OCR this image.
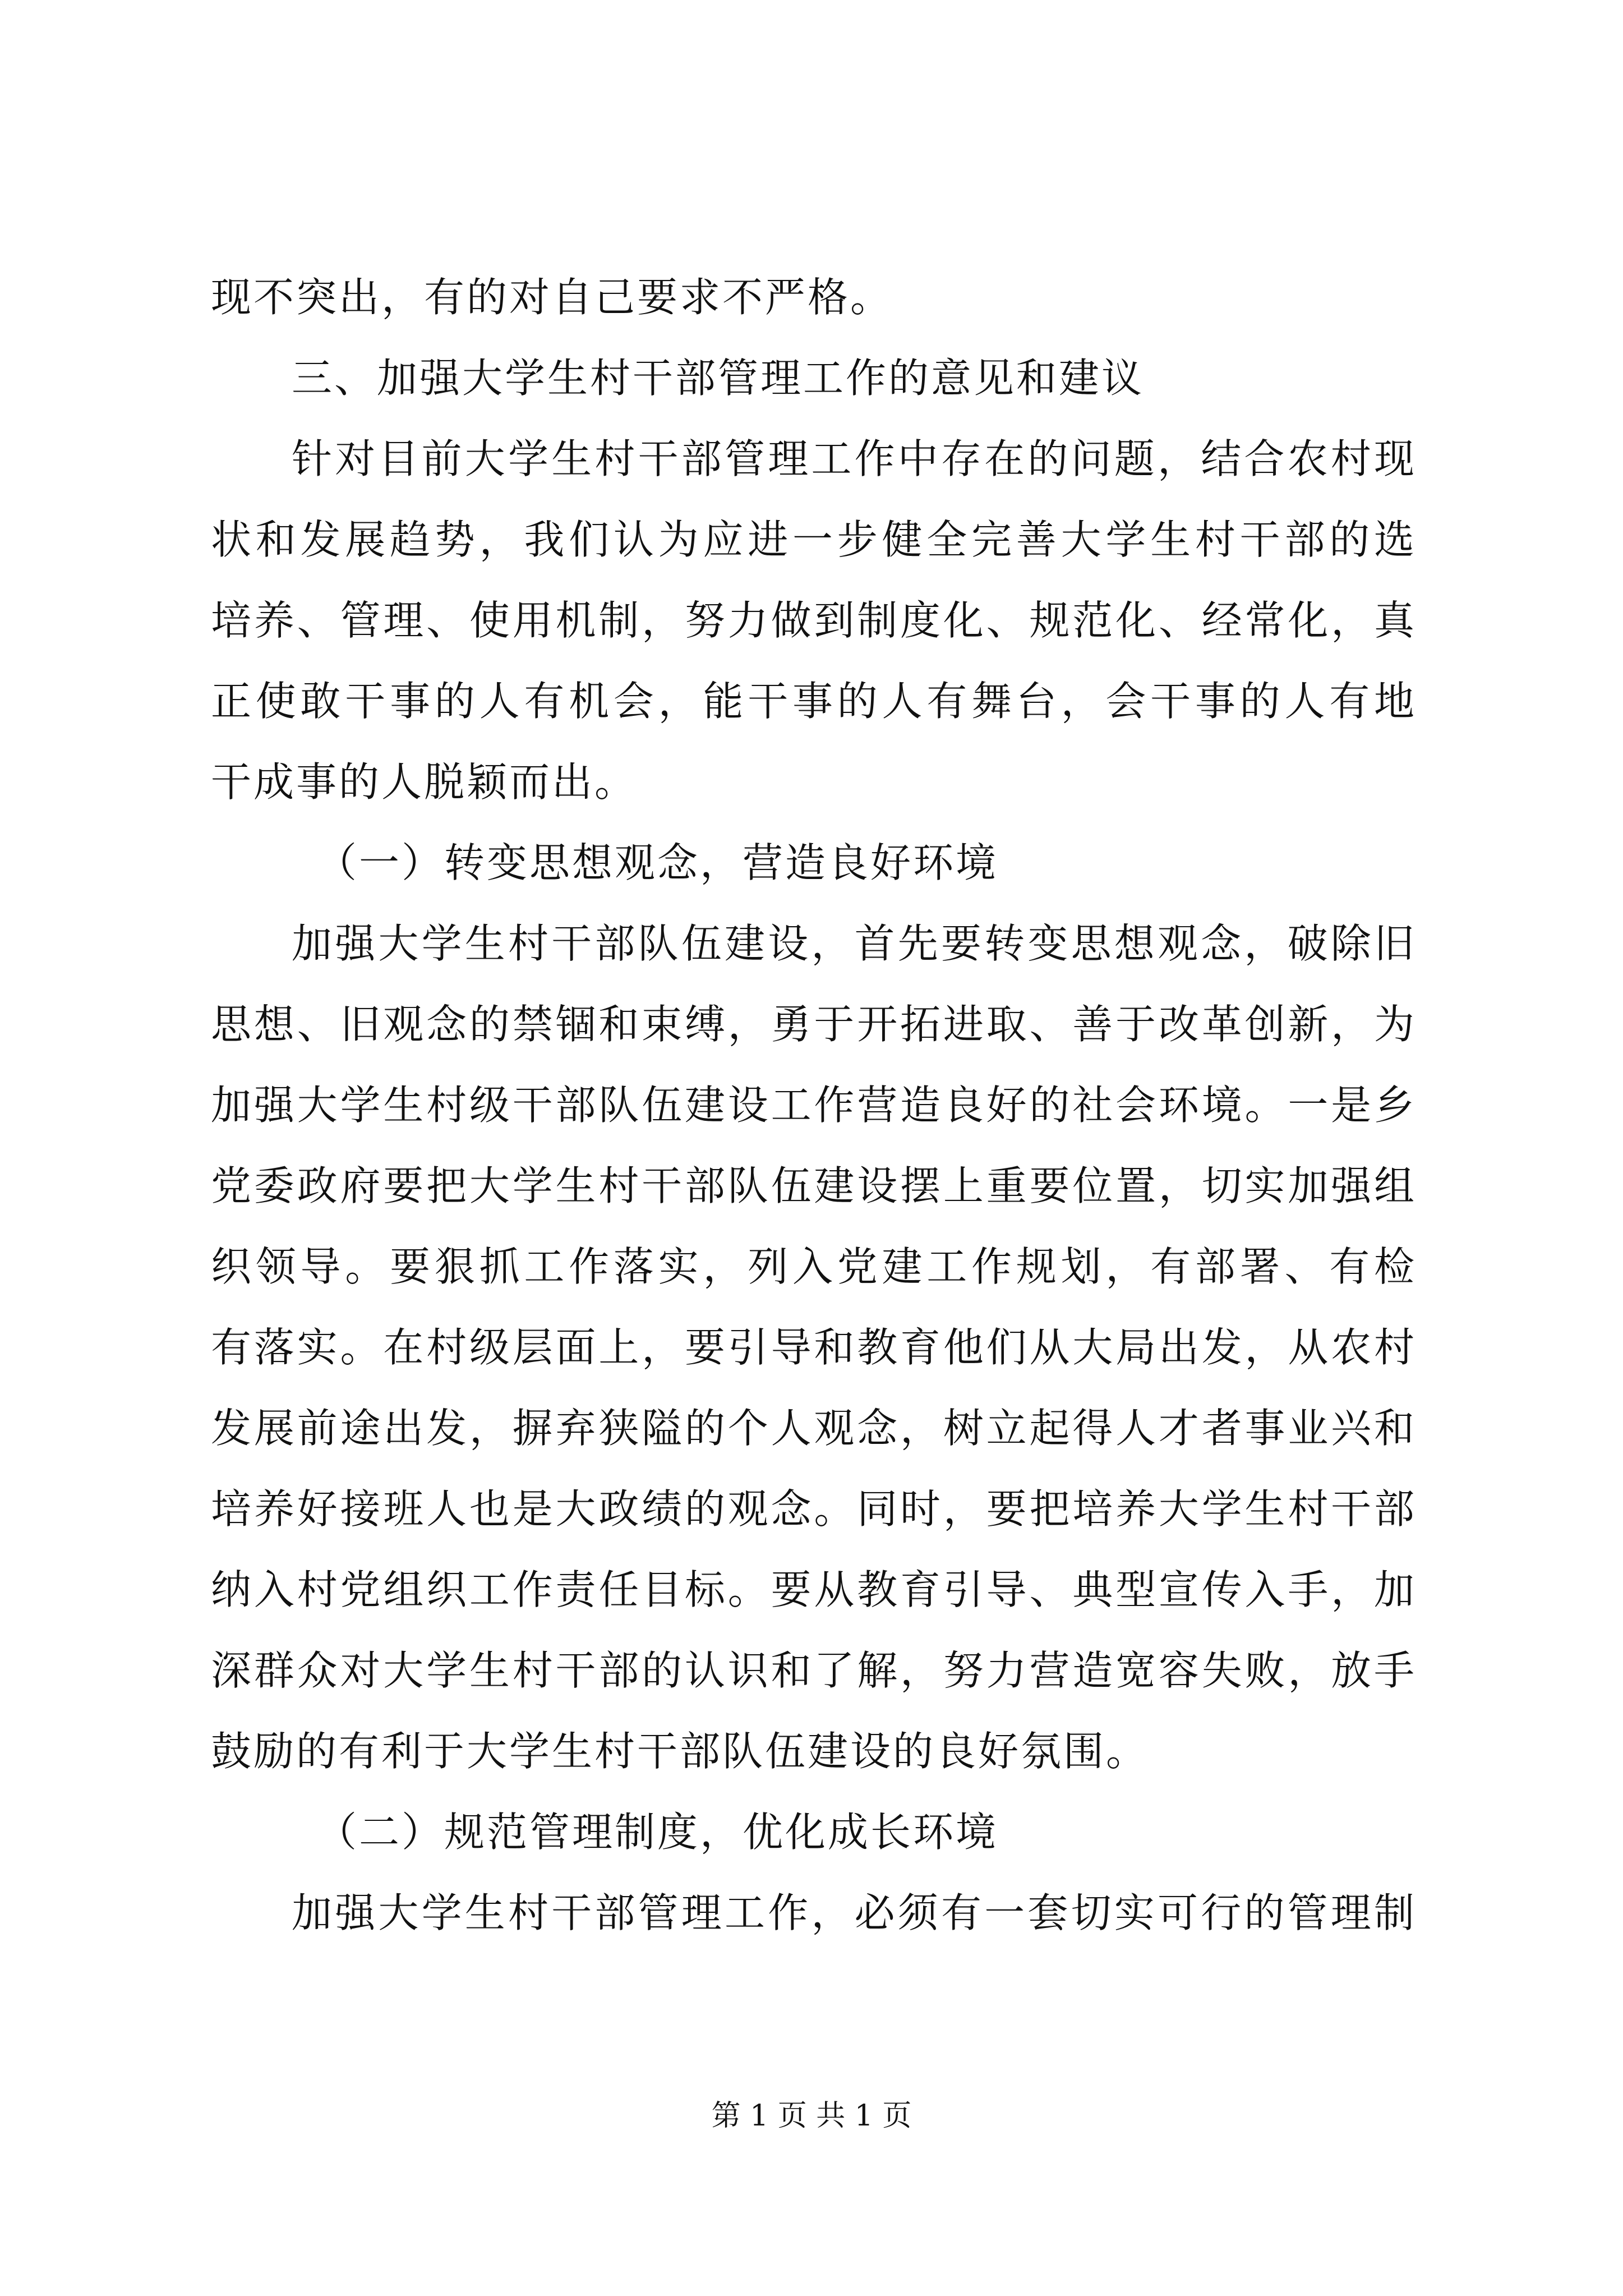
现不突出，有的对自己要求不严格。
三、加强大学生村干部管理工作的意见和建议
针对目前大学生村干部管理工作中存在的问题，结合农村现
状和发展趋势，我们认为应进一步健全完善大学生村干部的选
培养、管理、使用机制，努力做到制度化、规范化、经常化，真
正使敢干事的人有机会，能干事的人有舞台，会干事的人有地
干成事的人脱颖而出。
（一）转变思想观念，营造良好环境
加强大学生村干部队伍建设，首先要转变思想观念，破除旧
思想、旧观念的禁锢和束缚，勇于开拓进取、善于改革创新，为
加强大学生村级干部队伍建设工作营造良好的社会环境。一是乡
党委政府要把大学生村干部队伍建设摆上重要位置，切实加强组
织领导。要狠抓工作落实，列入党建工作规划，有部署、有检
有落实。在村级层面上，要引导和教育他们从大局出发，从农村
发展前途出发，摒弃狭隘的个人观念，树立起得人才者事业兴和
培养好接班人也是大政绩的观念。同时，要把培养大学生村干部
纳入村党组织工作责任目标。要从教育引导、典型宣传入手，加
深群众对大学生村干部的认识和了解，努力营造宽容失败，放手
鼓励的有利于大学生村干部队伍建设的良好氛围。
（二）规范管理制度，优化成长环境
加强大学生村干部管理工作，必须有一套切实可行的管理制
第 1 页 共 1 页
